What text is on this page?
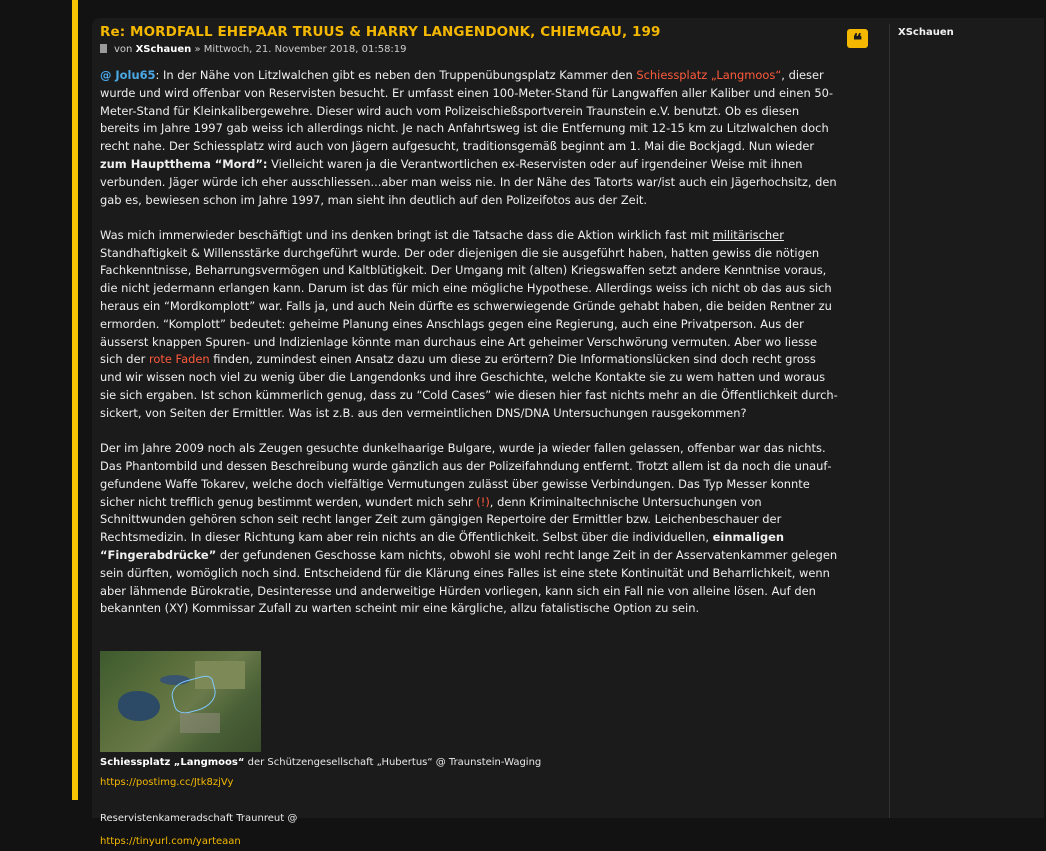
Re: MORDFALL EHEPAAR TRUUS & HARRY LANGENDONK, CHIEMGAU, 199
von XSchauen » Mittwoch, 21. November 2018, 01:58:19	❝	XSchauen

@ Jolu65: In der Nähe von Litzlwalchen gibt es neben den Truppenübungsplatz Kammer den Schiessplatz „Langmoos“, dieser wurde und wird offenbar von Reservisten besucht. Er umfasst einen 100-Meter-Stand für Langwaffen aller Kaliber und einen 50-Meter-Stand für Kleinkalibergewehre. Dieser wird auch vom Polizeischießsportverein Traunstein e.V. benutzt. Ob es diesen bereits im Jahre 1997 gab weiss ich allerdings nicht. Je nach Anfahrtsweg ist die Entfernung mit 12-15 km zu Litzlwalchen doch recht nahe. Der Schiessplatz wird auch von Jägern aufgesucht, traditionsgemäß beginnt am 1. Mai die Bockjagd. Nun wieder zum Hauptthema “Mord”: Vielleicht waren ja die Verantwortlichen ex-Reservisten oder auf irgendeiner Weise mit ihnen verbunden. Jäger würde ich eher ausschliessen...aber man weiss nie. In der Nähe des Tatorts war/ist auch ein Jägerhochsitz, den gab es, bewiesen schon im Jahre 1997, man sieht ihn deutlich auf den Polizeifotos aus der Zeit.

Was mich immerwieder beschäftigt und ins denken bringt ist die Tatsache dass die Aktion wirklich fast mit militärischer Standhaftigkeit & Willensstärke durchgeführt wurde. Der oder diejenigen die sie ausgeführt haben, hatten gewiss die nötigen Fachkenntnisse, Beharrungsvermögen und Kaltblütigkeit. Der Umgang mit (alten) Kriegswaffen setzt andere Kenntnise voraus, die nicht jedermann erlangen kann. Darum ist das für mich eine mögliche Hypothese. Allerdings weiss ich nicht ob das aus sich heraus ein “Mordkomplott” war. Falls ja, und auch Nein dürfte es schwerwiegende Gründe gehabt haben, die beiden Rentner zu ermorden. “Komplott” bedeutet: geheime Planung eines Anschlags gegen eine Regierung, auch eine Privatperson. Aus der äusserst knappen Spuren- und Indizienlage könnte man durchaus eine Art geheimer Verschwörung vermuten. Aber wo liesse sich der rote Faden finden, zumindest einen Ansatz dazu um diese zu erörtern? Die Informationslücken sind doch recht gross und wir wissen noch viel zu wenig über die Langendonks und ihre Geschichte, welche Kontakte sie zu wem hatten und woraus sie sich ergaben. Ist schon kümmerlich genug, dass zu “Cold Cases” wie diesen hier fast nichts mehr an die Öffentlichkeit durchsickert, von Seiten der Ermittler. Was ist z.B. aus den vermeintlichen DNS/DNA Untersuchungen rausgekommen?

Der im Jahre 2009 noch als Zeugen gesuchte dunkelhaarige Bulgare, wurde ja wieder fallen gelassen, offenbar war das nichts. Das Phantombild und dessen Beschreibung wurde gänzlich aus der Polizeifahndung entfernt. Trotzt allem ist da noch die unaufgefundene Waffe Tokarev, welche doch vielfältige Vermutungen zulässt über gewisse Verbindungen. Das Typ Messer konnte sicher nicht trefflich genug bestimmt werden, wundert mich sehr (!), denn Kriminaltechnische Untersuchungen von Schnittwunden gehören schon seit recht langer Zeit zum gängigen Repertoire der Ermittler bzw. Leichenbeschauer der Rechtsmedizin. In dieser Richtung kam aber rein nichts an die Öffentlichkeit. Selbst über die individuellen, einmaligen “Fingerabdrücke” der gefundenen Geschosse kam nichts, obwohl sie wohl recht lange Zeit in der Asservatenkammer gelegen sein dürften, womöglich noch sind. Entscheidend für die Klärung eines Falles ist eine stete Kontinuität und Beharrlichkeit, wenn aber lähmende Bürokratie, Desinteresse und anderweitige Hürden vorliegen, kann sich ein Fall nie von alleine lösen. Auf den bekannten (XY) Kommissar Zufall zu warten scheint mir eine kärgliche, allzu fatalistische Option zu sein.

Schiessplatz „Langmoos“ der Schützengesellschaft „Hubertus“ @ Traunstein-Waging
https://postimg.cc/Jtk8zjVy
Reservistenkameradschaft Traunreut @
https://tinyurl.com/yarteaan
